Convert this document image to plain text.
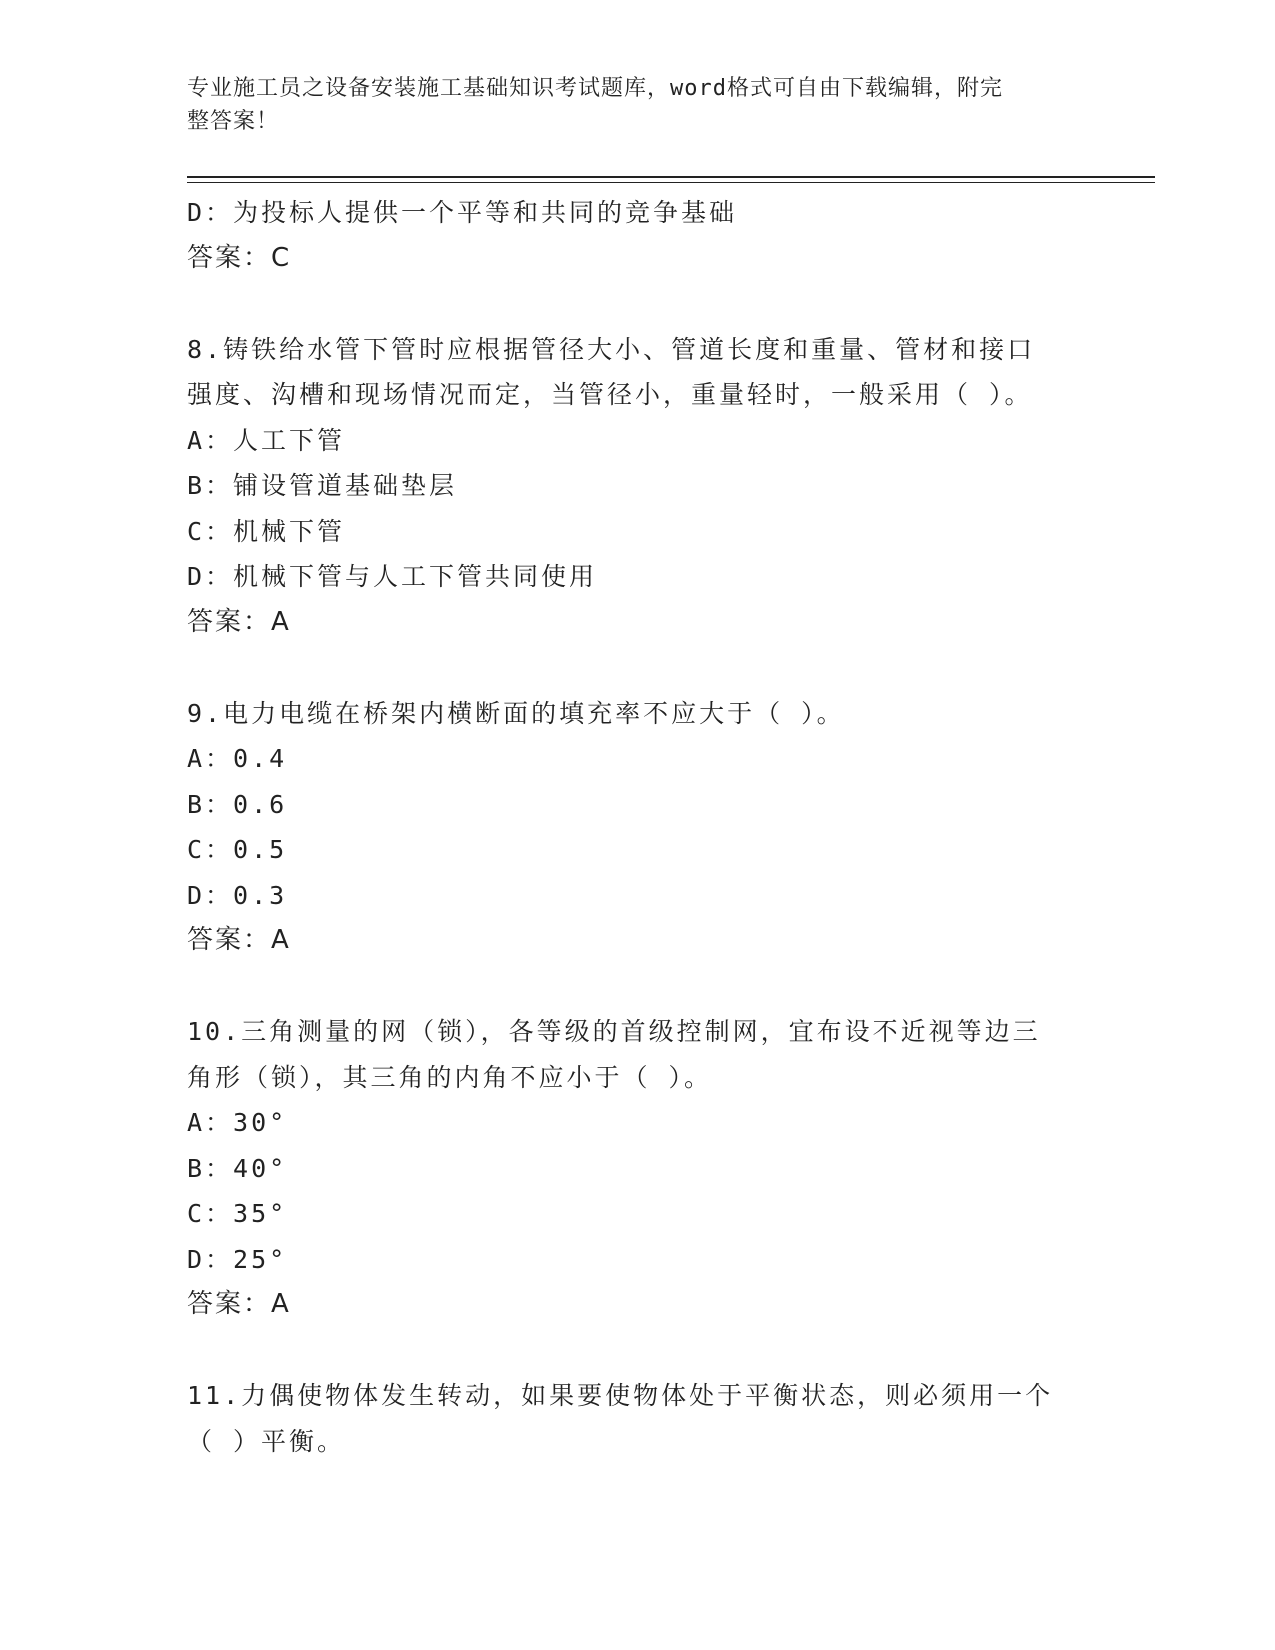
专业施工员之设备安装施工基础知识考试题库，word格式可自由下载编辑，附完
整答案！
D：为投标人提供一个平等和共同的竞争基础
答案：C
8.铸铁给水管下管时应根据管径大小、管道长度和重量、管材和接口
强度、沟槽和现场情况而定，当管径小，重量轻时，一般采用（ ）。
A：人工下管
B：铺设管道基础垫层
C：机械下管
D：机械下管与人工下管共同使用
答案：A
9.电力电缆在桥架内横断面的填充率不应大于（ ）。
A：0.4
B：0.6
C：0.5
D：0.3
答案：A
10.三角测量的网（锁），各等级的首级控制网，宜布设不近视等边三
角形（锁），其三角的内角不应小于（ ）。
A：30°
B：40°
C：35°
D：25°
答案：A
11.力偶使物体发生转动，如果要使物体处于平衡状态，则必须用一个
（ ）平衡。
